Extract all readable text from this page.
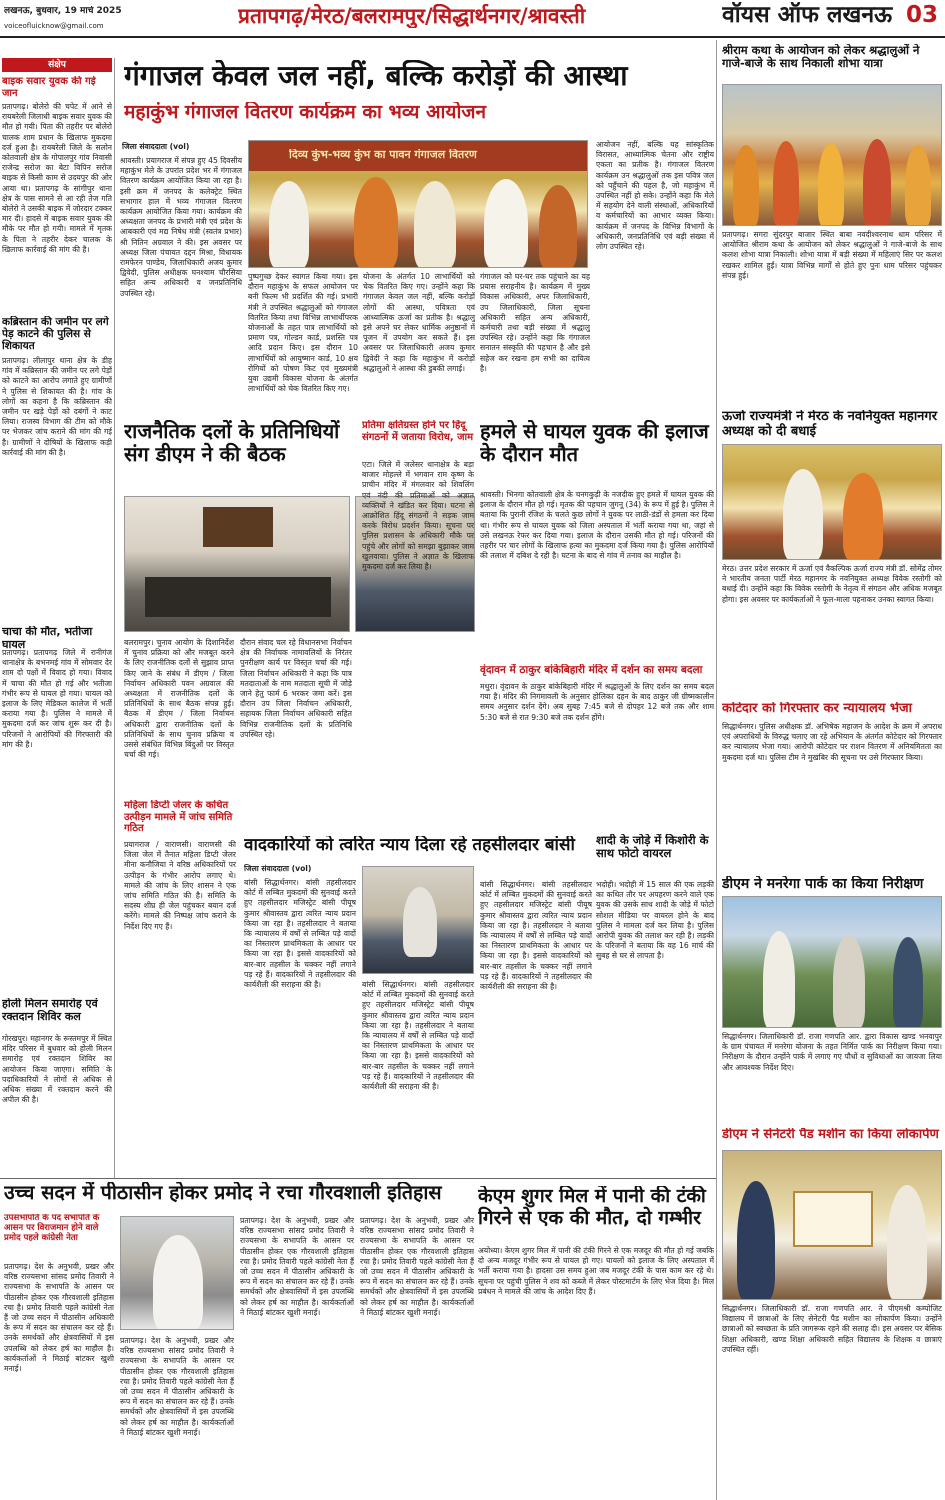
लखनऊ, बुधवार, 19 मार्च 2025
voiceofluicknow@gmail.com	प्रतापगढ़/मेरठ/बलरामपुर/सिद्धार्थनगर/श्रावस्ती	वॉयस ऑफ लखनऊ 03
संक्षेप
बाइक सवार युवक की गई जान
प्रतापगढ़। बोलेरो की चपेट में आने से रायबरेली जिलाधी बाइक सवार युवक की मौत हो गयी। पिता की तहरीर पर बोलेरो चालक शाम प्रधान के खिलाफ मुकदमा दर्ज हुआ है। रायबरेली जिले के सलोन कोतवाली क्षेत्र के गोपालपुर गांव निवासी राजेन्द्र सरोज का बेटा विपिन सरोज बाइक से किसी काम से उदयपुर की ओर आया था। प्रतापगढ़ के सांगीपुर थाना क्षेत्र के पास सामने से आ रही तेज गति बोलेरो ने उसकी बाइक में जोरदार टक्कर मार दी। हादसे में बाइक सवार युवक की मौके पर मौत हो गयी। मामले में मृतक के पिता ने तहरीर देकर चालक के खिलाफ कार्रवाई की मांग की है।
कब्रिस्तान की जमीन पर लगे पेड़ काटने की पुलिस से शिकायत
प्रतापगढ़। लीलापुर थाना क्षेत्र के डीह गांव में कब्रिस्तान की जमीन पर लगे पेड़ों को काटने का आरोप लगाते हुए ग्रामीणों ने पुलिस से शिकायत की है। गांव के लोगों का कहना है कि कब्रिस्तान की जमीन पर खड़े पेड़ों को दबंगों ने काट लिया। राजस्व विभाग की टीम को मौके पर भेजकर जांच कराने की मांग की गई है। ग्रामीणों ने दोषियों के खिलाफ कड़ी कार्रवाई की मांग की है।
चाचा की मौत, भतीजा घायल
प्रतापगढ़। प्रतापगढ़ जिले में रानीगंज थानाक्षेत्र के बभनमई गांव में सोमवार देर शाम दो पक्षों में विवाद हो गया। विवाद में चाचा की मौत हो गई और भतीजा गंभीर रूप से घायल हो गया। घायल को इलाज के लिए मेडिकल कालेज में भर्ती कराया गया है। पुलिस ने मामले में मुकदमा दर्ज कर जांच शुरू कर दी है। परिजनों ने आरोपियों की गिरफ्तारी की मांग की है।
होली मिलन समारोह एवं रक्तदान शिविर कल
गोरखपुर। महानगर के रूस्तमपुर में स्थित मंदिर परिसर में बुधवार को होली मिलन समारोह एवं रक्तदान शिविर का आयोजन किया जाएगा। समिति के पदाधिकारियों ने लोगों से अधिक से अधिक संख्या में रक्तदान करने की अपील की है।
गंगाजल केवल जल नहीं, बल्कि करोड़ों की आस्था
महाकुंभ गंगाजल वितरण कार्यक्रम का भव्य आयोजन
जिला संवाददाता (vol)
श्रावस्ती। प्रयागराज में संपन्न हुए 45 दिवसीय महाकुंभ मेले के उपरांत प्रदेश भर में गंगाजल वितरण कार्यक्रम आयोजित किया जा रहा है। इसी क्रम में जनपद के कलेक्ट्रेट स्थित सभागार हाल में भव्य गंगाजल वितरण कार्यक्रम आयोजित किया गया। कार्यक्रम की अध्यक्षता जनपद के प्रभारी मंत्री एवं प्रदेश के आबकारी एवं मद्य निषेध मंत्री (स्वतंत्र प्रभार) श्री नितिन अग्रवाल ने की। इस अवसर पर अध्यक्ष जिला पंचायत दद्दन मिश्रा, विधायक रामफेरन पाण्डेय, जिलाधिकारी अजय कुमार द्विवेदी, पुलिस अधीक्षक घनश्याम चौरसिया सहित अन्य अधिकारी व जनप्रतिनिधि उपस्थित रहे।
दिव्य कुंभ-भव्य कुंभ का पावन गंगाजल वितरण
पुष्पगुच्छ देकर स्वागत किया गया। इस दौरान महाकुंभ के सफल आयोजन पर बनी फिल्म भी प्रदर्शित की गई। प्रभारी मंत्री ने उपस्थित श्रद्धालुओं को गंगाजल वितरित किया तथा विभिन्न लाभार्थीपरक योजनाओं के तहत पात्र लाभार्थियों को प्रमाण पत्र, गोल्डन कार्ड, प्रशस्ति पत्र आदि प्रदान किए। इस दौरान 10 लाभार्थियों को आयुष्मान कार्ड, 10 क्षय रोगियों को पोषण किट एवं मुख्यमंत्री युवा उद्यमी विकास योजना के अंतर्गत लाभार्थियों को चेक वितरित किए गए।
योजना के अंतर्गत 10 लाभार्थियों को चेक वितरित किए गए। उन्होंने कहा कि गंगाजल केवल जल नहीं, बल्कि करोड़ों लोगों की आस्था, पवित्रता एवं आध्यात्मिक ऊर्जा का प्रतीक है। श्रद्धालु इसे अपने घर लेकर धार्मिक अनुष्ठानों में पूजन में उपयोग कर सकते हैं। इस अवसर पर जिलाधिकारी अजय कुमार द्विवेदी ने कहा कि महाकुंभ में करोड़ों श्रद्धालुओं ने आस्था की डुबकी लगाई।
गंगाजल को घर-घर तक पहुंचाने का यह प्रयास सराहनीय है। कार्यक्रम में मुख्य विकास अधिकारी, अपर जिलाधिकारी, उप जिलाधिकारी, जिला सूचना अधिकारी सहित अन्य अधिकारी, कर्मचारी तथा बड़ी संख्या में श्रद्धालु उपस्थित रहे। उन्होंने कहा कि गंगाजल सनातन संस्कृति की पहचान है और इसे सहेज कर रखना हम सभी का दायित्व है।
आयोजन नहीं, बल्कि यह सांस्कृतिक विरासत, आध्यात्मिक चेतना और राष्ट्रीय एकता का प्रतीक है। गंगाजल वितरण कार्यक्रम उन श्रद्धालुओं तक इस पवित्र जल को पहुँचाने की पहल है, जो महाकुंभ में उपस्थित नहीं हो सके। उन्होंने कहा कि मेले में सहयोग देने वाली संस्थाओं, अधिकारियों व कर्मचारियों का आभार व्यक्त किया। कार्यक्रम में जनपद के विभिन्न विभागों के अधिकारी, जनप्रतिनिधि एवं बड़ी संख्या में लोग उपस्थित रहे।
राजनैतिक दलों के प्रतिनिधियों संग डीएम ने की बैठक
बलरामपुर। चुनाव आयोग के दिशानिर्देश में चुनाव प्रक्रिया को और मजबूत करने के लिए राजनीतिक दलों से सुझाव प्राप्त किए जाने के संबंध में डीएम / जिला निर्वाचन अधिकारी पवन अग्रवाल की अध्यक्षता में राजनीतिक दलों के प्रतिनिधियों के साथ बैठक संपन्न हुई। बैठक में डीएम / जिला निर्वाचन अधिकारी द्वारा राजनीतिक दलों के प्रतिनिधियों के साथ चुनाव प्रक्रिया व उससे संबंधित विभिन्न बिंदुओं पर विस्तृत चर्चा की गई।
दौरान संवाद चल रहे विधानसभा निर्वाचन क्षेत्र की निर्वाचक नामावलियों के निरंतर पुनरीक्षण कार्य पर विस्तृत चर्चा की गई। जिला निर्वाचन अधिकारी ने कहा कि पात्र मतदाताओं के नाम मतदाता सूची में जोड़े जाने हेतु फार्म 6 भरकर जमा करें। इस दौरान उप जिला निर्वाचन अधिकारी, सहायक जिला निर्वाचन अधिकारी सहित विभिन्न राजनीतिक दलों के प्रतिनिधि उपस्थित रहे।
प्रतिमा क्षतिग्रस्त होने पर हिंदू संगठनों में जताया विरोध, जाम
एटा। जिले में जलेसर थानाक्षेत्र के बड़ा बाजार मोहल्ले में भगवान राम कृष्ण के प्राचीन मंदिर में मंगलवार को शिवलिंग एवं नंदी की प्रतिमाओं को अज्ञात व्यक्तियों ने खंडित कर दिया। घटना से आक्रोशित हिंदू संगठनों ने सड़क जाम करके विरोध प्रदर्शन किया। सूचना पर पुलिस प्रशासन के अधिकारी मौके पर पहुंचे और लोगों को समझा बुझाकर जाम खुलवाया। पुलिस ने अज्ञात के खिलाफ मुकदमा दर्ज कर लिया है।
हमले से घायल युवक की इलाज के दौरान मौत
श्रावस्ती। भिनगा कोतवाली क्षेत्र के चनगकुड़ी के नजदीक हुए हमले में घायल युवक की इलाज के दौरान मौत हो गई। मृतक की पहचान जुगनू (34) के रूप में हुई है। पुलिस ने बताया कि पुरानी रंजिश के चलते कुछ लोगों ने युवक पर लाठी-डंडों से हमला कर दिया था। गंभीर रूप से घायल युवक को जिला अस्पताल में भर्ती कराया गया था, जहां से उसे लखनऊ रेफर कर दिया गया। इलाज के दौरान उसकी मौत हो गई। परिजनों की तहरीर पर चार लोगों के खिलाफ हत्या का मुकदमा दर्ज किया गया है। पुलिस आरोपियों की तलाश में दबिश दे रही है। घटना के बाद से गांव में तनाव का माहौल है।
वृंदावन में ठाकुर बांकेबिहारी मंदिर में दर्शन का समय बदला
मथुरा। वृंदावन के ठाकुर बांकेबिहारी मंदिर में श्रद्धालुओं के लिए दर्शन का समय बदल गया है। मंदिर की निगमावली के अनुसार होलिका दहन के बाद ठाकुर जी ग्रीष्मकालीन समय अनुसार दर्शन देंगे। अब सुबह 7:45 बजे से दोपहर 12 बजे तक और शाम 5:30 बजे से रात 9:30 बजे तक दर्शन होंगे।
महिला डिप्टी जेलर के कथित उत्पीड़न मामले में जांच समिति गठित
प्रयागराज / वाराणसी। वाराणसी की जिला जेल में तैनात महिला डिप्टी जेलर मीना कनौजिया ने वरिष्ठ अधिकारियों पर उत्पीड़न के गंभीर आरोप लगाए थे। मामले की जांच के लिए शासन ने एक जांच समिति गठित की है। समिति के सदस्य शीघ्र ही जेल पहुंचकर बयान दर्ज करेंगे। मामले की निष्पक्ष जांच कराने के निर्देश दिए गए हैं।
वादकारियों को त्वरित न्याय दिला रहे तहसीलदार बांसी
जिला संवाददाता (vol)
बांसी सिद्धार्थनगर। बांसी तहसीलदार कोर्ट में लम्बित मुकदमों की सुनवाई करते हुए तहसीलदार मजिस्ट्रेट बांसी पीयूष कुमार श्रीवास्तव द्वारा त्वरित न्याय प्रदान किया जा रहा है। तहसीलदार ने बताया कि न्यायालय में वर्षों से लम्बित पड़े वादों का निस्तारण प्राथमिकता के आधार पर किया जा रहा है। इससे वादकारियों को बार-बार तहसील के चक्कर नहीं लगाने पड़ रहे हैं। वादकारियों ने तहसीलदार की कार्यशैली की सराहना की है।	बांसी सिद्धार्थनगर। बांसी तहसीलदार कोर्ट में लम्बित मुकदमों की सुनवाई करते हुए तहसीलदार मजिस्ट्रेट बांसी पीयूष कुमार श्रीवास्तव द्वारा त्वरित न्याय प्रदान किया जा रहा है। तहसीलदार ने बताया कि न्यायालय में वर्षों से लम्बित पड़े वादों का निस्तारण प्राथमिकता के आधार पर किया जा रहा है। इससे वादकारियों को बार-बार तहसील के चक्कर नहीं लगाने पड़ रहे हैं। वादकारियों ने तहसीलदार की कार्यशैली की सराहना की है।
बांसी सिद्धार्थनगर। बांसी तहसीलदार कोर्ट में लम्बित मुकदमों की सुनवाई करते हुए तहसीलदार मजिस्ट्रेट बांसी पीयूष कुमार श्रीवास्तव द्वारा त्वरित न्याय प्रदान किया जा रहा है। तहसीलदार ने बताया कि न्यायालय में वर्षों से लम्बित पड़े वादों का निस्तारण प्राथमिकता के आधार पर किया जा रहा है। इससे वादकारियों को बार-बार तहसील के चक्कर नहीं लगाने पड़ रहे हैं। वादकारियों ने तहसीलदार की कार्यशैली की सराहना की है।
शादी के जोड़े में किशोरी के साथ फोटो वायरल
भदोही। भदोही में 15 साल की एक लड़की का कथित तौर पर अपहरण करने वाले एक युवक की उसके साथ शादी के जोड़े में फोटो सोशल मीडिया पर वायरल होने के बाद पुलिस ने मामला दर्ज कर लिया है। पुलिस आरोपी युवक की तलाश कर रही है। लड़की के परिजनों ने बताया कि वह 16 मार्च की सुबह से घर से लापता है।
केएम शुगर मिल में पानी की टंकी गिरने से एक की मौत, दो गम्भीर
अयोध्या। केएम शुगर मिल में पानी की टंकी गिरने से एक मजदूर की मौत हो गई जबकि दो अन्य मजदूर गंभीर रूप से घायल हो गए। घायलों को इलाज के लिए अस्पताल में भर्ती कराया गया है। हादसा उस समय हुआ जब मजदूर टंकी के पास काम कर रहे थे। सूचना पर पहुंची पुलिस ने शव को कब्जे में लेकर पोस्टमार्टम के लिए भेज दिया है। मिल प्रबंधन ने मामले की जांच के आदेश दिए हैं।
उच्च सदन में पीठासीन होकर प्रमोद ने रचा गौरवशाली इतिहास
उपसभापति के पद सभापति के आसन पर विराजमान होने वाले प्रमोद पहले कांग्रेसी नेता
प्रतापगढ़। देश के अनुभवी, प्रखर और वरिष्ठ राज्यसभा सांसद प्रमोद तिवारी ने राज्यसभा के सभापति के आसन पर पीठासीन होकर एक गौरवशाली इतिहास रचा है। प्रमोद तिवारी पहले कांग्रेसी नेता हैं जो उच्च सदन में पीठासीन अधिकारी के रूप में सदन का संचालन कर रहे हैं। उनके समर्थकों और क्षेत्रवासियों में इस उपलब्धि को लेकर हर्ष का माहौल है। कार्यकर्ताओं ने मिठाई बांटकर खुशी मनाई।
प्रतापगढ़। देश के अनुभवी, प्रखर और वरिष्ठ राज्यसभा सांसद प्रमोद तिवारी ने राज्यसभा के सभापति के आसन पर पीठासीन होकर एक गौरवशाली इतिहास रचा है। प्रमोद तिवारी पहले कांग्रेसी नेता हैं जो उच्च सदन में पीठासीन अधिकारी के रूप में सदन का संचालन कर रहे हैं। उनके समर्थकों और क्षेत्रवासियों में इस उपलब्धि को लेकर हर्ष का माहौल है। कार्यकर्ताओं ने मिठाई बांटकर खुशी मनाई।
प्रतापगढ़। देश के अनुभवी, प्रखर और वरिष्ठ राज्यसभा सांसद प्रमोद तिवारी ने राज्यसभा के सभापति के आसन पर पीठासीन होकर एक गौरवशाली इतिहास रचा है। प्रमोद तिवारी पहले कांग्रेसी नेता हैं जो उच्च सदन में पीठासीन अधिकारी के रूप में सदन का संचालन कर रहे हैं। उनके समर्थकों और क्षेत्रवासियों में इस उपलब्धि को लेकर हर्ष का माहौल है। कार्यकर्ताओं ने मिठाई बांटकर खुशी मनाई।
प्रतापगढ़। देश के अनुभवी, प्रखर और वरिष्ठ राज्यसभा सांसद प्रमोद तिवारी ने राज्यसभा के सभापति के आसन पर पीठासीन होकर एक गौरवशाली इतिहास रचा है। प्रमोद तिवारी पहले कांग्रेसी नेता हैं जो उच्च सदन में पीठासीन अधिकारी के रूप में सदन का संचालन कर रहे हैं। उनके समर्थकों और क्षेत्रवासियों में इस उपलब्धि को लेकर हर्ष का माहौल है। कार्यकर्ताओं ने मिठाई बांटकर खुशी मनाई।
श्रीराम कथा के आयोजन को लेकर श्रद्धालुओं ने गाजे-बाजे के साथ निकाली शोभा यात्रा
प्रतापगढ़। सगरा सुंदरपुर बाजार स्थित बाबा नवदीश्वरनाथ धाम परिसर में आयोजित श्रीराम कथा के आयोजन को लेकर श्रद्धालुओं ने गाजे-बाजे के साथ कलश शोभा यात्रा निकाली। शोभा यात्रा में बड़ी संख्या में महिलाएं सिर पर कलश रखकर शामिल हुईं। यात्रा विभिन्न मार्गों से होते हुए पुनः धाम परिसर पहुंचकर संपन्न हुई।
ऊर्जा राज्यमंत्री ने मेरठ के नवनियुक्त महानगर अध्यक्ष को दी बधाई
मेरठ। उत्तर प्रदेश सरकार में ऊर्जा एवं वैकल्पिक ऊर्जा राज्य मंत्री डॉ. सोमेंद्र तोमर ने भारतीय जनता पार्टी मेरठ महानगर के नवनियुक्त अध्यक्ष विवेक रस्तोगी को बधाई दी। उन्होंने कहा कि विवेक रस्तोगी के नेतृत्व में संगठन और अधिक मजबूत होगा। इस अवसर पर कार्यकर्ताओं ने फूल-माला पहनाकर उनका स्वागत किया।
कोटेदार को गिरफ्तार कर न्यायालय भेजा
सिद्धार्थनगर। पुलिस अधीक्षक डॉ. अभिषेक महाजन के आदेश के क्रम में अपराध एवं अपराधियों के विरुद्ध चलाए जा रहे अभियान के अंतर्गत कोटेदार को गिरफ्तार कर न्यायालय भेजा गया। आरोपी कोटेदार पर राशन वितरण में अनियमितता का मुकदमा दर्ज था। पुलिस टीम ने मुखबिर की सूचना पर उसे गिरफ्तार किया।
डीएम ने मनरेगा पार्क का किया निरीक्षण
सिद्धार्थनगर। जिलाधिकारी डॉ. राजा गणपति आर. द्वारा विकास खण्ड भनवापुर के ग्राम पंचायत में मनरेगा योजना के तहत निर्मित पार्क का निरीक्षण किया गया। निरीक्षण के दौरान उन्होंने पार्क में लगाए गए पौधों व सुविधाओं का जायजा लिया और आवश्यक निर्देश दिए।
डीएम ने सेनेटरी पैड मशीन का किया लोकार्पण
सिद्धार्थनगर। जिलाधिकारी डॉ. राजा गणपति आर. ने पीएमश्री कम्पोजिट विद्यालय में छात्राओं के लिए सेनेटरी पैड मशीन का लोकार्पण किया। उन्होंने छात्राओं को स्वच्छता के प्रति जागरूक रहने की सलाह दी। इस अवसर पर बेसिक शिक्षा अधिकारी, खण्ड शिक्षा अधिकारी सहित विद्यालय के शिक्षक व छात्राएं उपस्थित रहीं।
